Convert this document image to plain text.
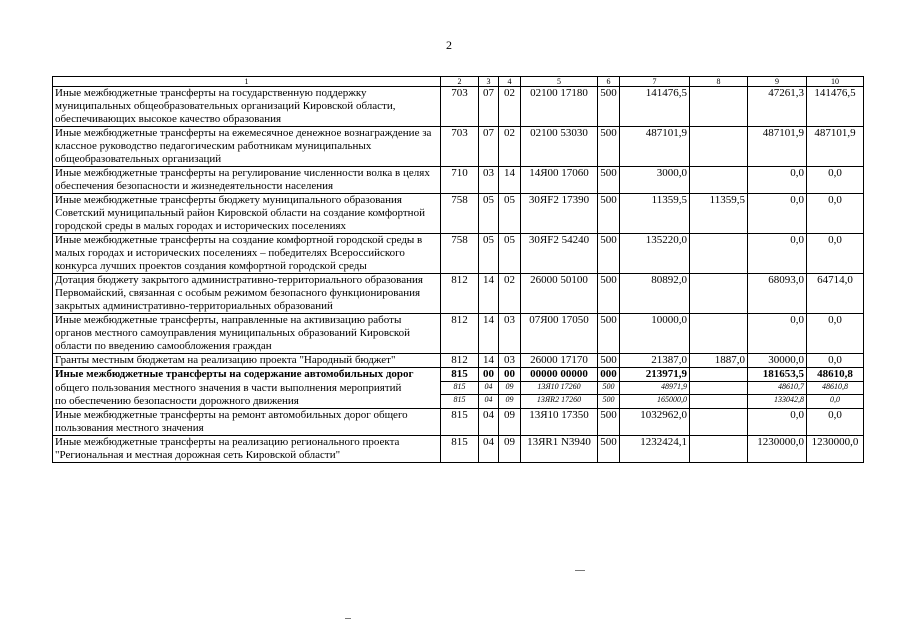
2
1	2	3	4	5	6	7	8	9	10
Иные межбюджетные трансферты на государственную поддержку муниципальных общеобразовательных организаций Кировской области, обеспечивающих высокое качество образования	703	07	02	02100 17180	500	141476,5		47261,3	141476,5
Иные межбюджетные трансферты на ежемесячное денежное вознаграждение за классное руководство педагогическим работникам муниципальных общеобразовательных организаций	703	07	02	02100 53030	500	487101,9		487101,9	487101,9
Иные межбюджетные трансферты на регулирование численности волка в целях обеспечения безопасности и жизнедеятельности населения	710	03	14	14Я00 17060	500	3000,0		0,0	0,0
Иные межбюджетные трансферты бюджету муниципального образования Советский муниципальный район Кировской области на создание комфортной городской среды в малых городах и исторических поселениях	758	05	05	30ЯF2 17390	500	11359,5	11359,5	0,0	0,0
Иные межбюджетные трансферты на создание комфортной городской среды в малых городах и исторических поселениях – победителях Всероссийского конкурса лучших проектов создания комфортной городской среды	758	05	05	30ЯF2 54240	500	135220,0		0,0	0,0
Дотация бюджету закрытого административно-территориального образования Первомайский, связанная с особым режимом безопасного функционирования закрытых административно-территориальных образований	812	14	02	26000 50100	500	80892,0		68093,0	64714,0
Иные межбюджетные трансферты, направленные на активизацию работы органов местного самоуправления муниципальных образований Кировской области по введению самообложения граждан	812	14	03	07Я00 17050	500	10000,0		0,0	0,0
Гранты местным бюджетам на реализацию проекта "Народный бюджет"	812	14	03	26000 17170	500	21387,0	1887,0	30000,0	0,0
Иные межбюджетные трансферты на содержание автомобильных дорог	815	00	00	00000 00000	000	213971,9		181653,5	48610,8
общего пользования местного значения в части выполнения мероприятий	815	04	09	13Я10 17260	500	48971,9		48610,7	48610,8
по обеспечению безопасности дорожного движения	815	04	09	13ЯR2 17260	500	165000,0		133042,8	0,0
Иные межбюджетные трансферты на ремонт автомобильных дорог общего пользования местного значения	815	04	09	13Я10 17350	500	1032962,0		0,0	0,0
Иные межбюджетные трансферты на реализацию регионального проекта "Региональная и местная дорожная сеть Кировской области"	815	04	09	13ЯR1 N3940	500	1232424,1		1230000,0	1230000,0
